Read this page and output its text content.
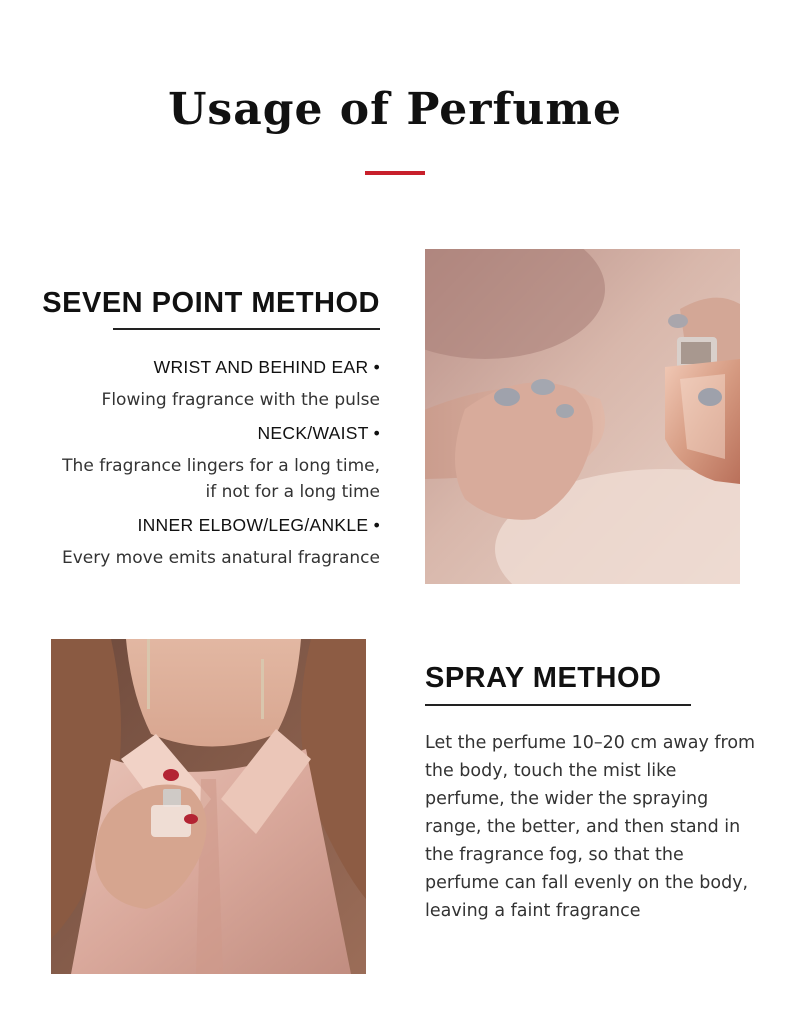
Usage of Perfume
SEVEN POINT METHOD
WRIST AND BEHIND EAR •
Flowing fragrance with the pulse
NECK/WAIST •
The fragrance lingers for a long time, if not for a long time
INNER ELBOW/LEG/ANKLE •
Every move emits anatural fragrance
SPRAY METHOD

Let the perfume 10–20 cm away from the body, touch the mist like perfume, the wider the spraying range, the better, and then stand in the fragrance fog, so that the perfume can fall evenly on the body, leaving a faint fragrance
